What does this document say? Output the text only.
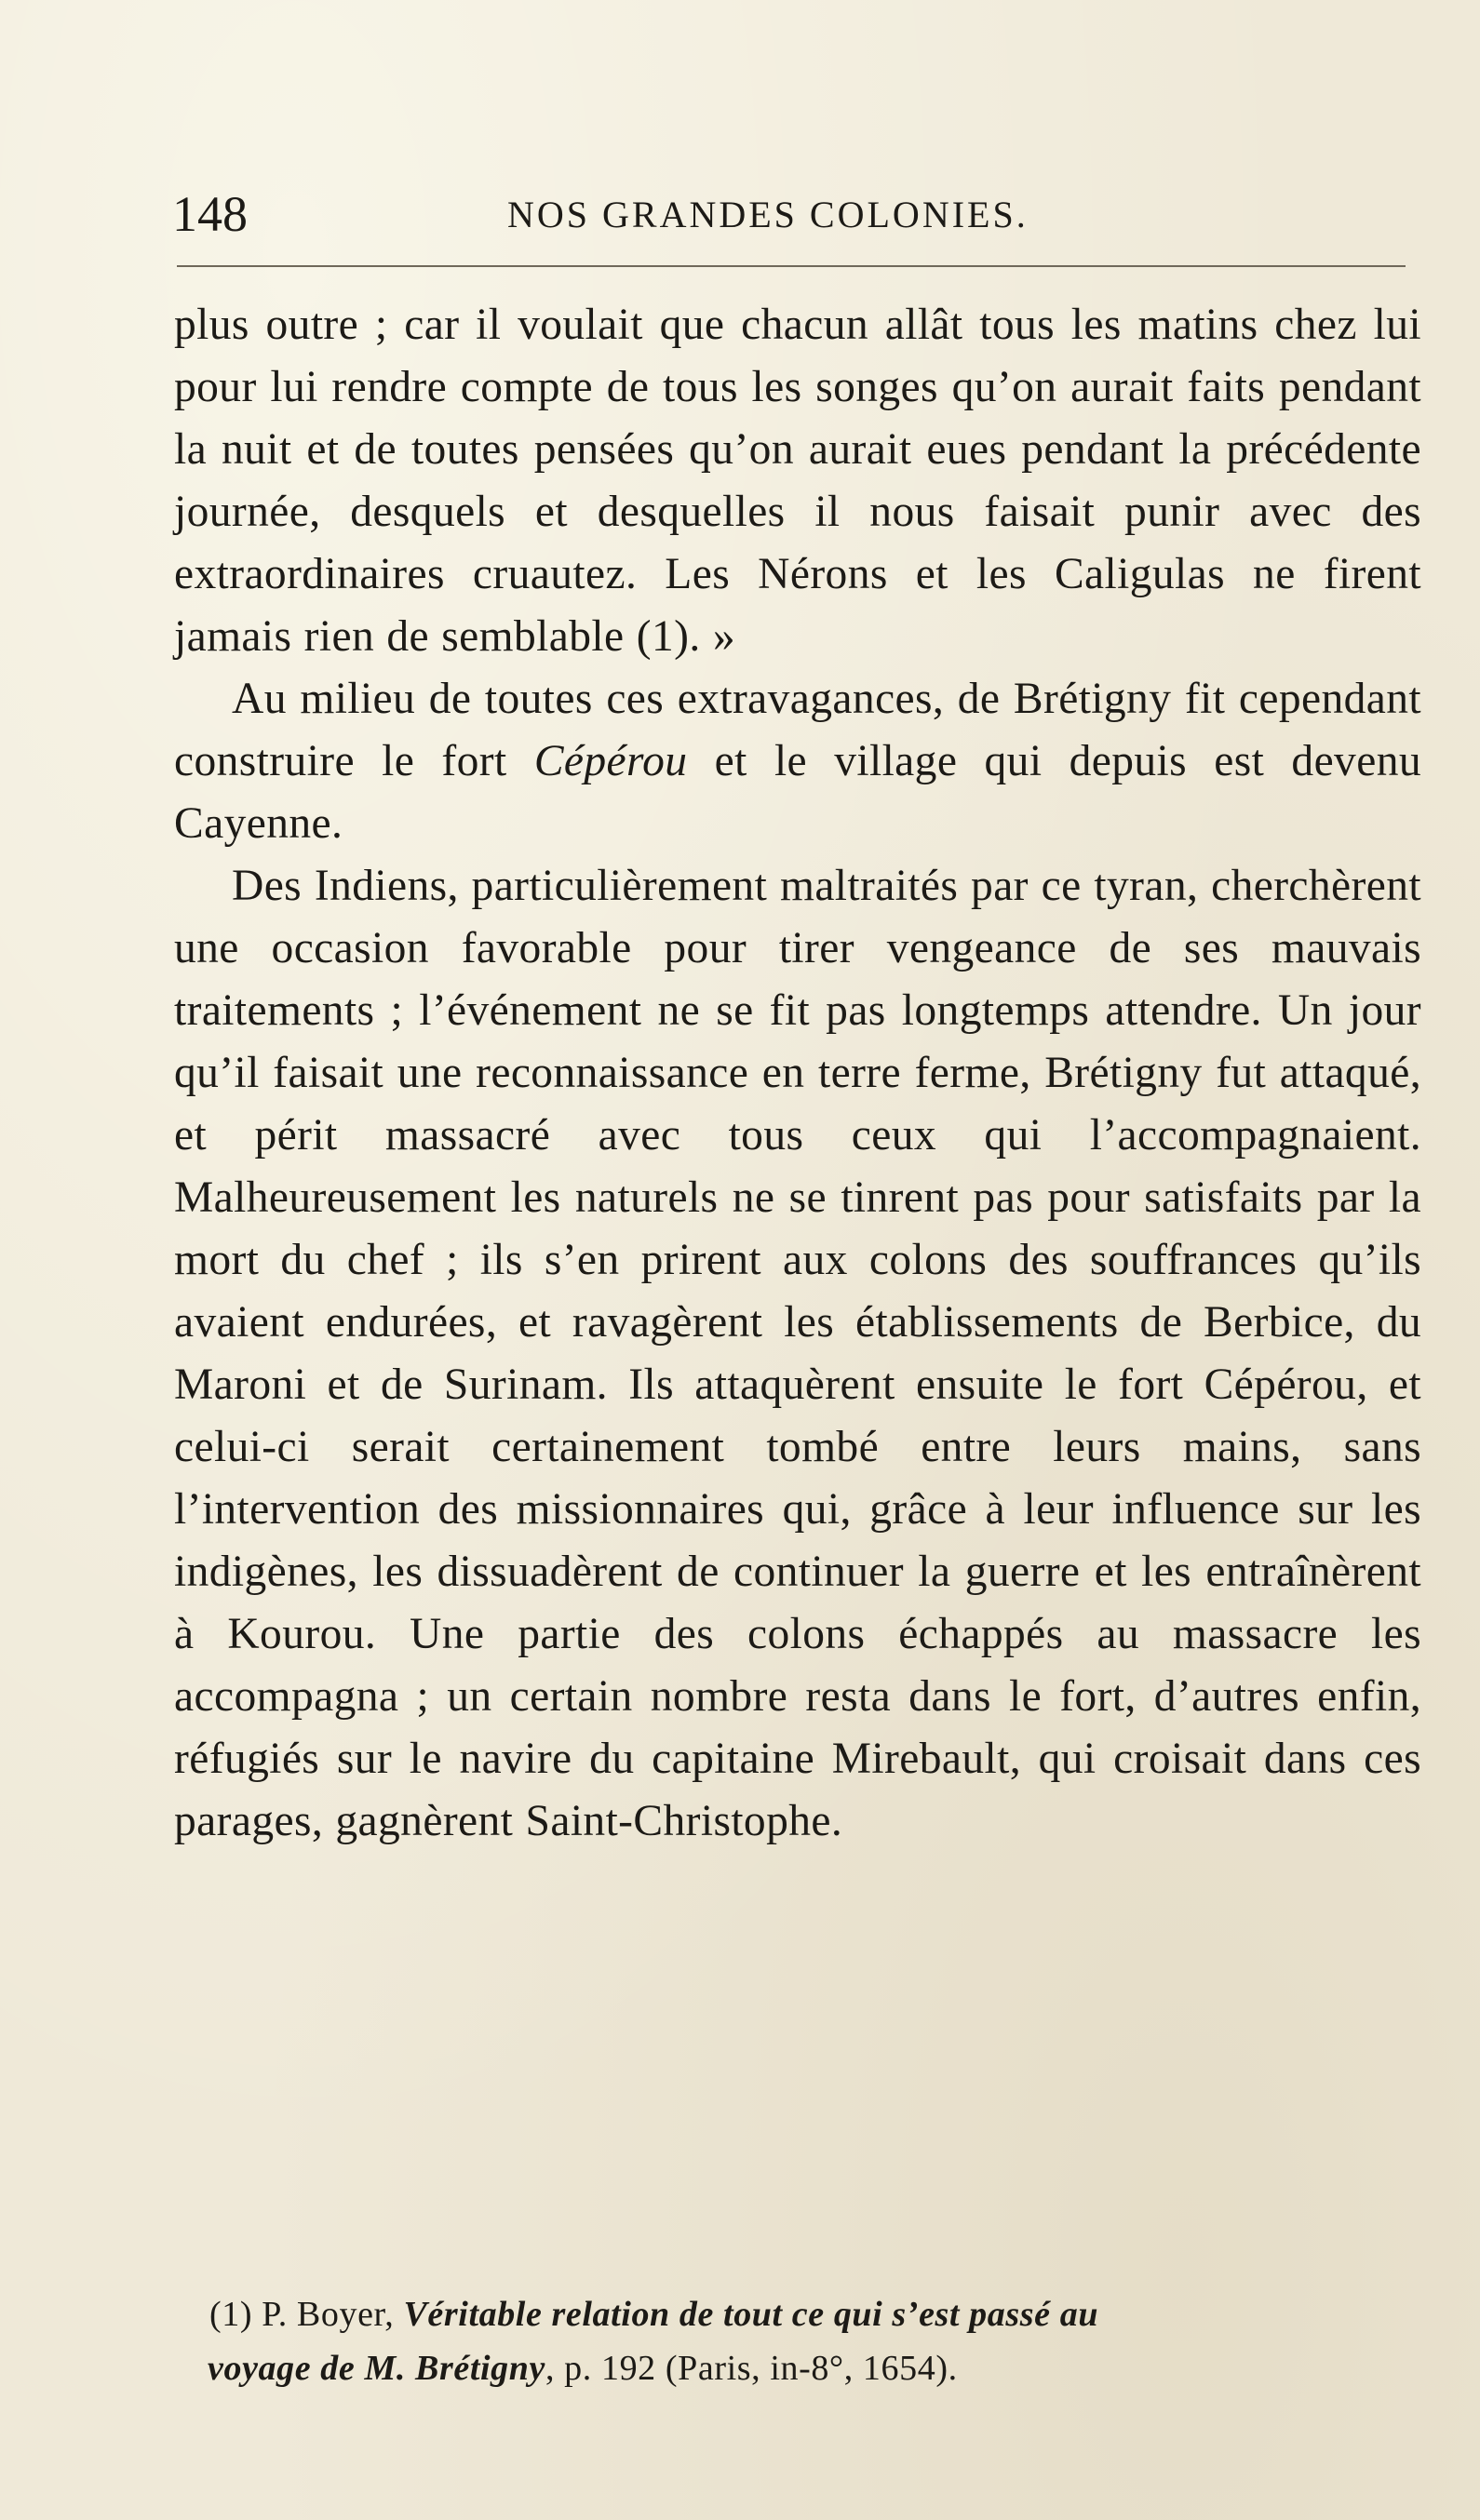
148	NOS GRANDES COLONIES.

plus outre ; car il voulait que chacun allât tous les matins chez lui pour lui rendre compte de tous les songes qu’on aurait faits pendant la nuit et de toutes pensées qu’on aurait eues pendant la précédente journée, desquels et desquelles il nous faisait punir avec des extraordinaires cruautez. Les Nérons et les Caligulas ne firent jamais rien de semblable (1). »

Au milieu de toutes ces extravagances, de Brétigny fit cependant construire le fort Cépérou et le village qui depuis est devenu Cayenne.

Des Indiens, particulièrement maltraités par ce tyran, cherchèrent une occasion favorable pour tirer vengeance de ses mauvais traitements ; l’événement ne se fit pas longtemps attendre. Un jour qu’il faisait une reconnaissance en terre ferme, Brétigny fut attaqué, et périt massacré avec tous ceux qui l’accompagnaient. Malheureusement les naturels ne se tinrent pas pour satisfaits par la mort du chef ; ils s’en prirent aux colons des souffrances qu’ils avaient endurées, et ravagèrent les établissements de Berbice, du Maroni et de Surinam. Ils attaquèrent ensuite le fort Cépérou, et celui-ci serait certainement tombé entre leurs mains, sans l’intervention des missionnaires qui, grâce à leur influence sur les indigènes, les dissuadèrent de continuer la guerre et les entraînèrent à Kourou. Une partie des colons échappés au massacre les accompagna ; un certain nombre resta dans le fort, d’autres enfin, réfugiés sur le navire du capitaine Mirebault, qui croisait dans ces parages, gagnèrent Saint-Christophe.

(1) P. Boyer, Véritable relation de tout ce qui s’est passé au

voyage de M. Brétigny, p. 192 (Paris, in-8°, 1654).
